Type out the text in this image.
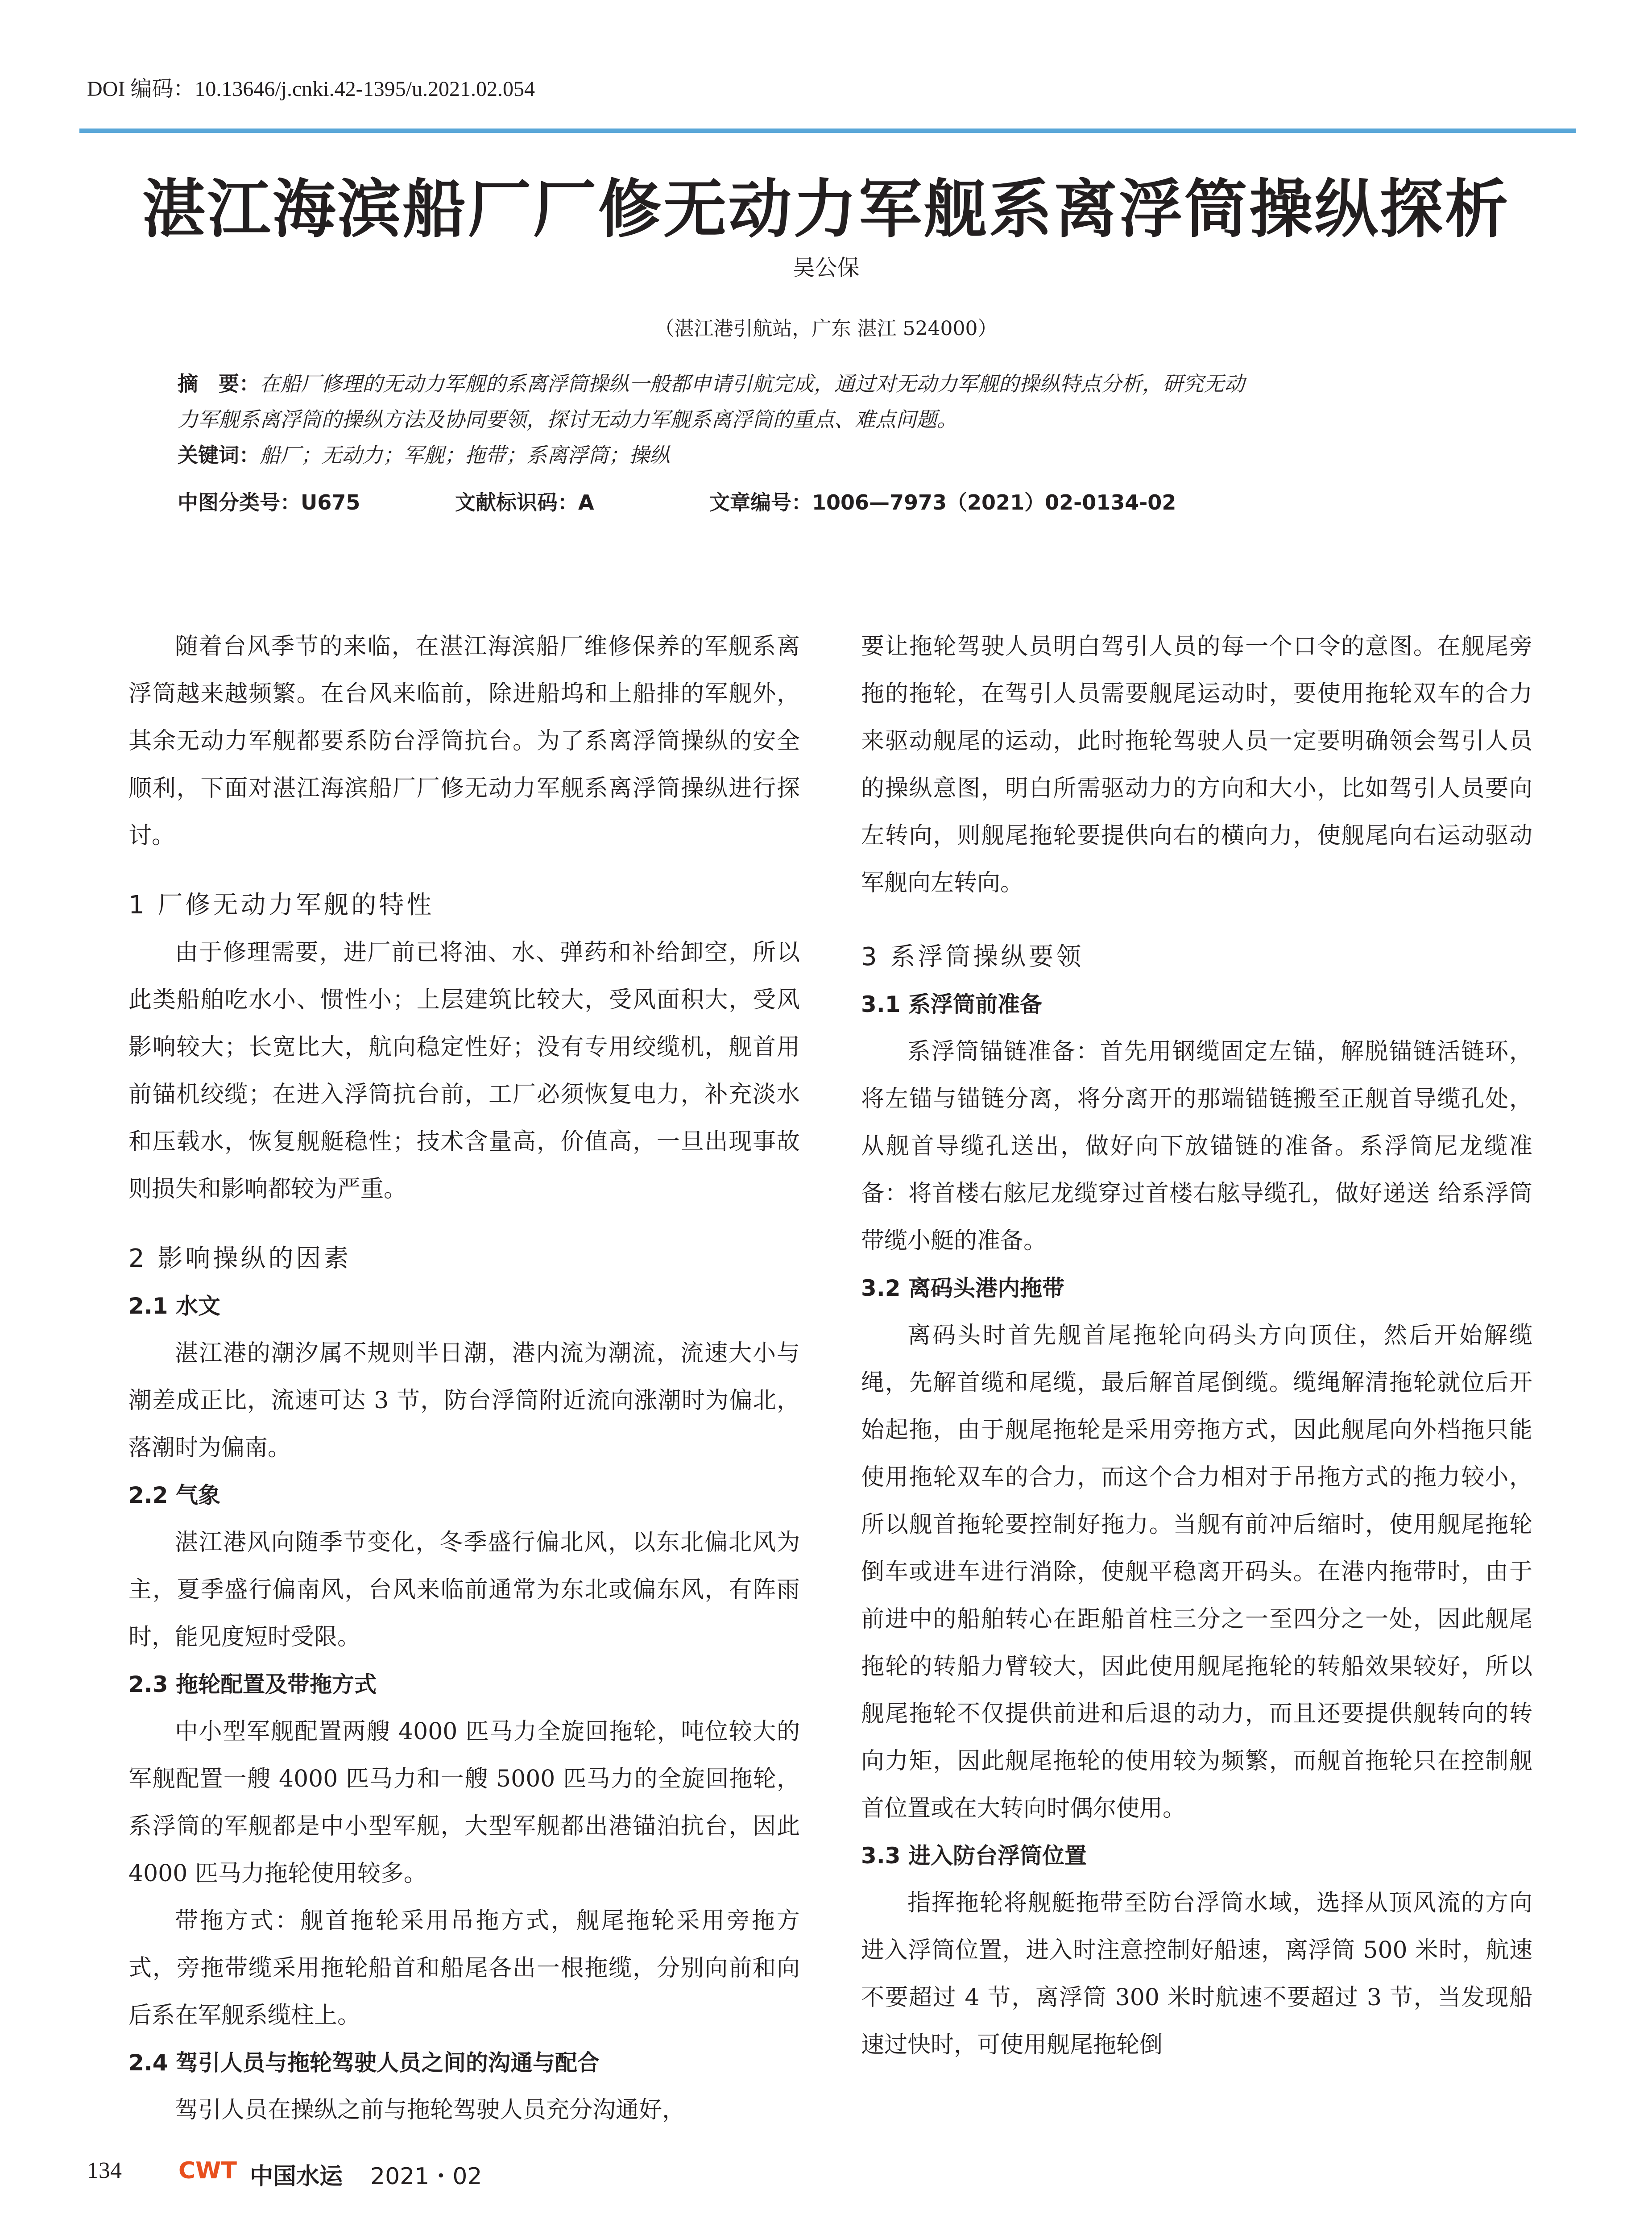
DOI 编码：10.13646/j.cnki.42-1395/u.2021.02.054
湛江海滨船厂厂修无动力军舰系离浮筒操纵探析
吴公保
（湛江港引航站，广东 湛江 524000）
摘　要：在船厂修理的无动力军舰的系离浮筒操纵一般都申请引航完成，通过对无动力军舰的操纵特点分析，研究无动
力军舰系离浮筒的操纵方法及协同要领，探讨无动力军舰系离浮筒的重点、难点问题。
关键词：船厂；无动力；军舰；拖带；系离浮筒；操纵
中图分类号：U675	文献标识码：A	文章编号：1006—7973（2021）02-0134-02

随着台风季节的来临，在湛江海滨船厂维修保养的军舰系离浮筒越来越频繁。在台风来临前，除进船坞和上船排的军舰外，其余无动力军舰都要系防台浮筒抗台。为了系离浮筒操纵的安全顺利，下面对湛江海滨船厂厂修无动力军舰系离浮筒操纵进行探讨。

1 厂修无动力军舰的特性

由于修理需要，进厂前已将油、水、弹药和补给卸空，所以此类船舶吃水小、惯性小；上层建筑比较大，受风面积大，受风影响较大；长宽比大，航向稳定性好；没有专用绞缆机，舰首用前锚机绞缆；在进入浮筒抗台前，工厂必须恢复电力，补充淡水和压载水，恢复舰艇稳性；技术含量高，价值高，一旦出现事故则损失和影响都较为严重。

2 影响操纵的因素

2.1 水文

湛江港的潮汐属不规则半日潮，港内流为潮流，流速大小与潮差成正比，流速可达 3 节，防台浮筒附近流向涨潮时为偏北，落潮时为偏南。

2.2 气象

湛江港风向随季节变化，冬季盛行偏北风，以东北偏北风为主，夏季盛行偏南风，台风来临前通常为东北或偏东风，有阵雨时，能见度短时受限。

2.3 拖轮配置及带拖方式

中小型军舰配置两艘 4000 匹马力全旋回拖轮，吨位较大的军舰配置一艘 4000 匹马力和一艘 5000 匹马力的全旋回拖轮，系浮筒的军舰都是中小型军舰，大型军舰都出港锚泊抗台，因此 4000 匹马力拖轮使用较多。

带拖方式：舰首拖轮采用吊拖方式，舰尾拖轮采用旁拖方式，旁拖带缆采用拖轮船首和船尾各出一根拖缆，分别向前和向后系在军舰系缆柱上。

2.4 驾引人员与拖轮驾驶人员之间的沟通与配合

驾引人员在操纵之前与拖轮驾驶人员充分沟通好，

要让拖轮驾驶人员明白驾引人员的每一个口令的意图。在舰尾旁拖的拖轮，在驾引人员需要舰尾运动时，要使用拖轮双车的合力来驱动舰尾的运动，此时拖轮驾驶人员一定要明确领会驾引人员的操纵意图，明白所需驱动力的方向和大小，比如驾引人员要向左转向，则舰尾拖轮要提供向右的横向力，使舰尾向右运动驱动军舰向左转向。

3 系浮筒操纵要领

3.1 系浮筒前准备

系浮筒锚链准备：首先用钢缆固定左锚，解脱锚链活链环，将左锚与锚链分离，将分离开的那端锚链搬至正舰首导缆孔处，从舰首导缆孔送出，做好向下放锚链的准备。系浮筒尼龙缆准备：将首楼右舷尼龙缆穿过首楼右舷导缆孔，做好递送 给系浮筒带缆小艇的准备。

3.2 离码头港内拖带

离码头时首先舰首尾拖轮向码头方向顶住，然后开始解缆绳，先解首缆和尾缆，最后解首尾倒缆。缆绳解清拖轮就位后开始起拖，由于舰尾拖轮是采用旁拖方式，因此舰尾向外档拖只能使用拖轮双车的合力，而这个合力相对于吊拖方式的拖力较小，所以舰首拖轮要控制好拖力。当舰有前冲后缩时，使用舰尾拖轮倒车或进车进行消除，使舰平稳离开码头。在港内拖带时，由于前进中的船舶转心在距船首柱三分之一至四分之一处，因此舰尾拖轮的转船力臂较大，因此使用舰尾拖轮的转船效果较好，所以舰尾拖轮不仅提供前进和后退的动力，而且还要提供舰转向的转向力矩，因此舰尾拖轮的使用较为频繁，而舰首拖轮只在控制舰首位置或在大转向时偶尔使用。

3.3 进入防台浮筒位置

指挥拖轮将舰艇拖带至防台浮筒水域，选择从顶风流的方向进入浮筒位置，进入时注意控制好船速，离浮筒 500 米时，航速不要超过 4 节，离浮筒 300 米时航速不要超过 3 节，当发现船速过快时，可使用舰尾拖轮倒

134 CWT 中国水运 2021・02
